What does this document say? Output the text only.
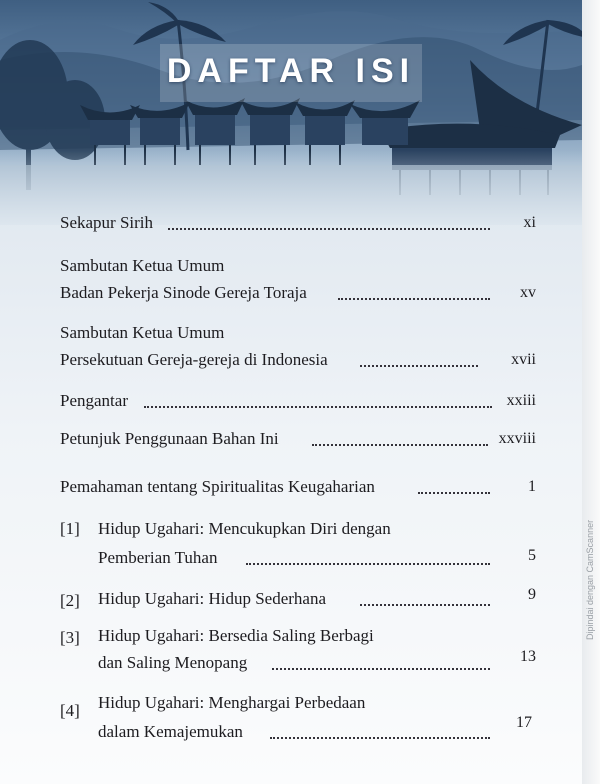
DAFTAR ISI
Sekapur Sirih	xi
Sambutan Ketua Umum
Badan Pekerja Sinode Gereja Toraja	xv
Sambutan Ketua Umum
Persekutuan Gereja-gereja di Indonesia	xvii
Pengantar	xxiii
Petunjuk Penggunaan Bahan Ini	xxviii
Pemahaman tentang Spiritualitas Keugaharian	1
[1] Hidup Ugahari: Mencukupkan Diri dengan
Pemberian Tuhan	5
[2] Hidup Ugahari: Hidup Sederhana	9
[3] Hidup Ugahari: Bersedia Saling Berbagi
dan Saling Menopang	13
[4] Hidup Ugahari: Menghargai Perbedaan
dalam Kemajemukan	17
Dipindai dengan CamScanner
